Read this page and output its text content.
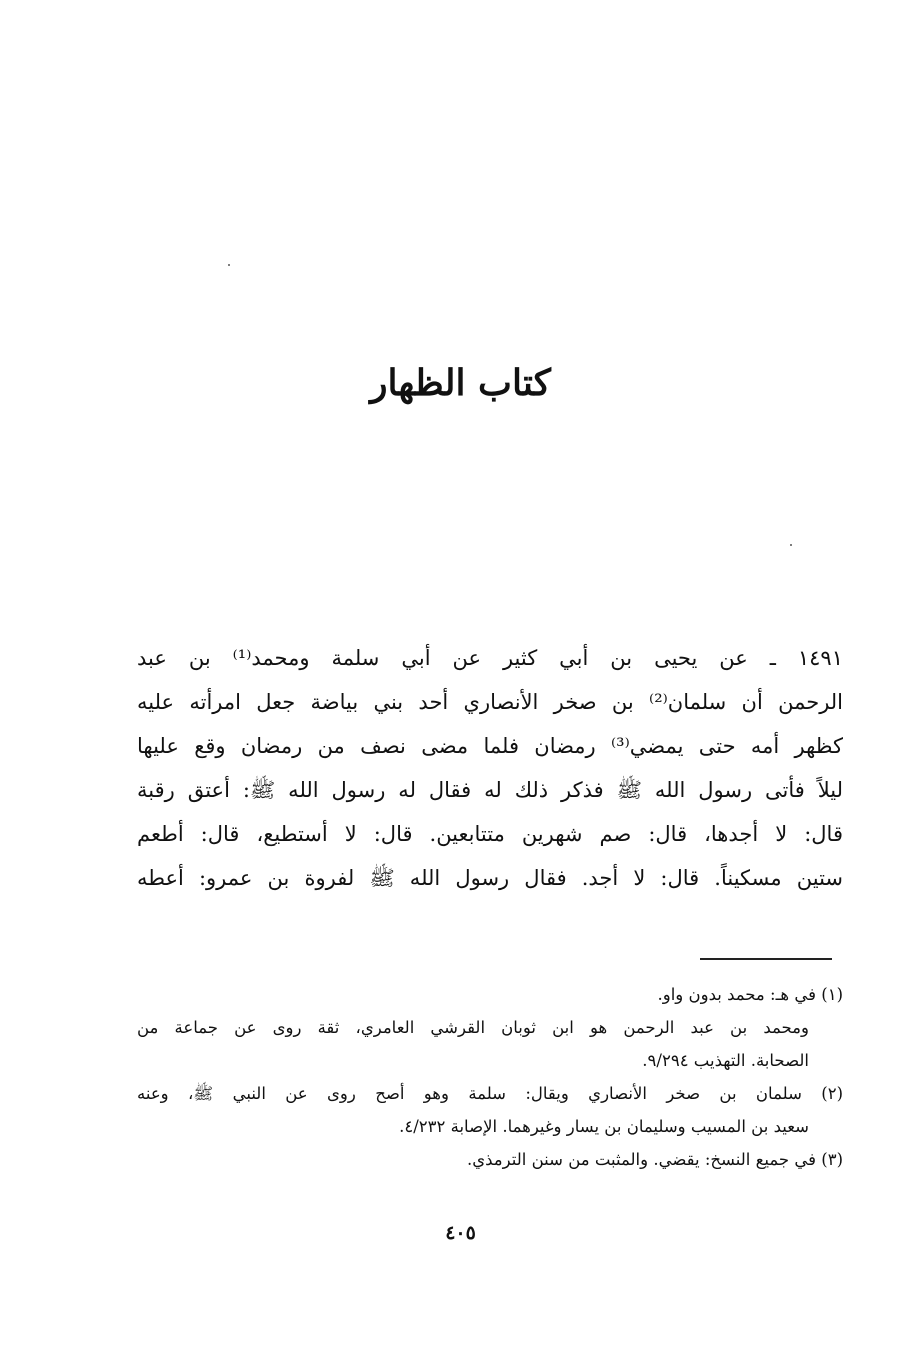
كتاب الظهار
١٤٩١ ـ عن يحيى بن أبي كثير عن أبي سلمة ومحمد⁽¹⁾ بن عبد
الرحمن أن سلمان⁽²⁾ بن صخر الأنصاري أحد بني بياضة جعل امرأته عليه
كظهر أمه حتى يمضي⁽³⁾ رمضان فلما مضى نصف من رمضان وقع عليها
ليلاً فأتى رسول الله ﷺ فذكر ذلك له فقال له رسول الله ﷺ: أعتق رقبة
قال: لا أجدها، قال: صم شهرين متتابعين. قال: لا أستطيع، قال: أطعم
ستين مسكيناً. قال: لا أجد. فقال رسول الله ﷺ لفروة بن عمرو: أعطه
(١) في هـ: محمد بدون واو.
ومحمد بن عبد الرحمن هو ابن ثوبان القرشي العامري، ثقة روى عن جماعة من
الصحابة. التهذيب ٩/٢٩٤.
(٢) سلمان بن صخر الأنصاري ويقال: سلمة وهو أصح روى عن النبي ﷺ، وعنه
سعيد بن المسيب وسليمان بن يسار وغيرهما. الإصابة ٤/٢٣٢.
(٣) في جميع النسخ: يقضي. والمثبت من سنن الترمذي.
٤٠٥
